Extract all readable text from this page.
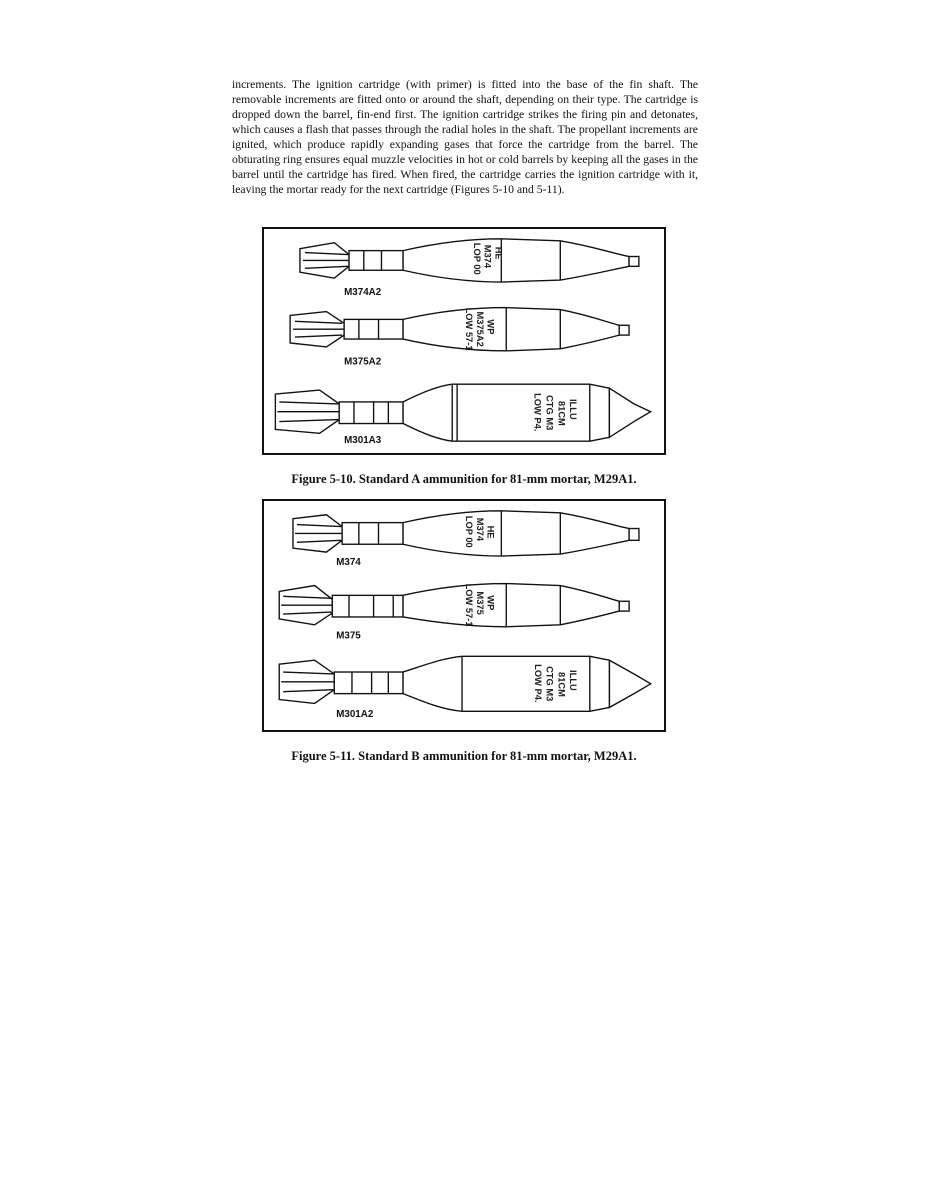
increments. The ignition cartridge (with primer) is fitted into the base of the fin shaft. The removable increments are fitted onto or around the shaft, depending on their type. The cartridge is dropped down the barrel, fin-end first. The ignition cartridge strikes the firing pin and detonates, which causes a flash that passes through the radial holes in the shaft. The propellant increments are ignited, which produce rapidly expanding gases that force the cartridge from the barrel. The obturating ring ensures equal muzzle velocities in hot or cold barrels by keeping all the gases in the barrel until the cartridge has fired. When fired, the cartridge carries the ignition cartridge with it, leaving the mortar ready for the next cartridge (Figures 5-10 and 5-11).

HE
M374
LOP 00
M374A2
WP
M375A2
LOW 57-1
M375A2
ILLU
81CM
CTG M3
LOW P4.
M301A3

Figure 5-10. Standard A ammunition for 81-mm mortar, M29A1.

HE
M374
LOP 00
M374
WP
M375
LOW 57-1
M375
ILLU
81CM
CTG M3
LOW P4.
M301A2

Figure 5-11. Standard B ammunition for 81-mm mortar, M29A1.
